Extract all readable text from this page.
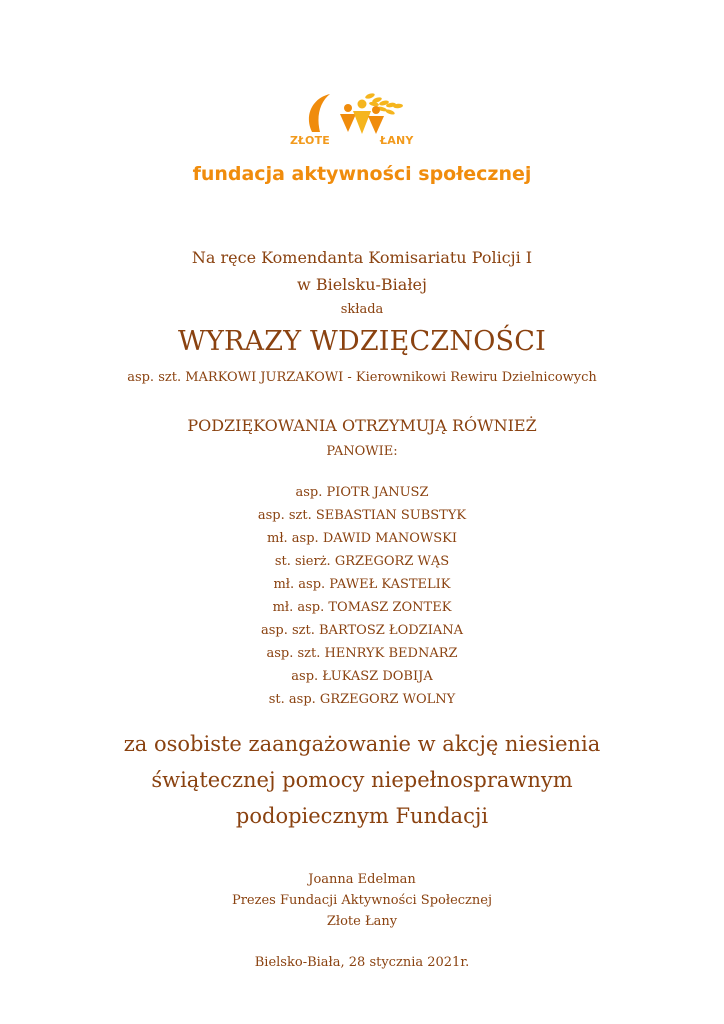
ZŁOTE	ŁANY
fundacja aktywności społecznej
Na ręce Komendanta Komisariatu Policji I
w Bielsku-Białej
składa
WYRAZY WDZIĘCZNOŚCI
asp. szt. MARKOWI JURZAKOWI - Kierownikowi Rewiru Dzielnicowych
PODZIĘKOWANIA OTRZYMUJĄ RÓWNIEŻ
PANOWIE:
asp. PIOTR JANUSZ
asp. szt. SEBASTIAN SUBSTYK
mł. asp. DAWID MANOWSKI
st. sierż. GRZEGORZ WĄS
mł. asp. PAWEŁ KASTELIK
mł. asp. TOMASZ ZONTEK
asp. szt. BARTOSZ ŁODZIANA
asp. szt. HENRYK BEDNARZ
asp. ŁUKASZ DOBIJA
st. asp. GRZEGORZ WOLNY
za osobiste zaangażowanie w akcję niesienia
świątecznej pomocy niepełnosprawnym
podopiecznym Fundacji
Joanna Edelman
Prezes Fundacji Aktywności Społecznej
Złote Łany
Bielsko-Biała, 28 stycznia 2021r.
